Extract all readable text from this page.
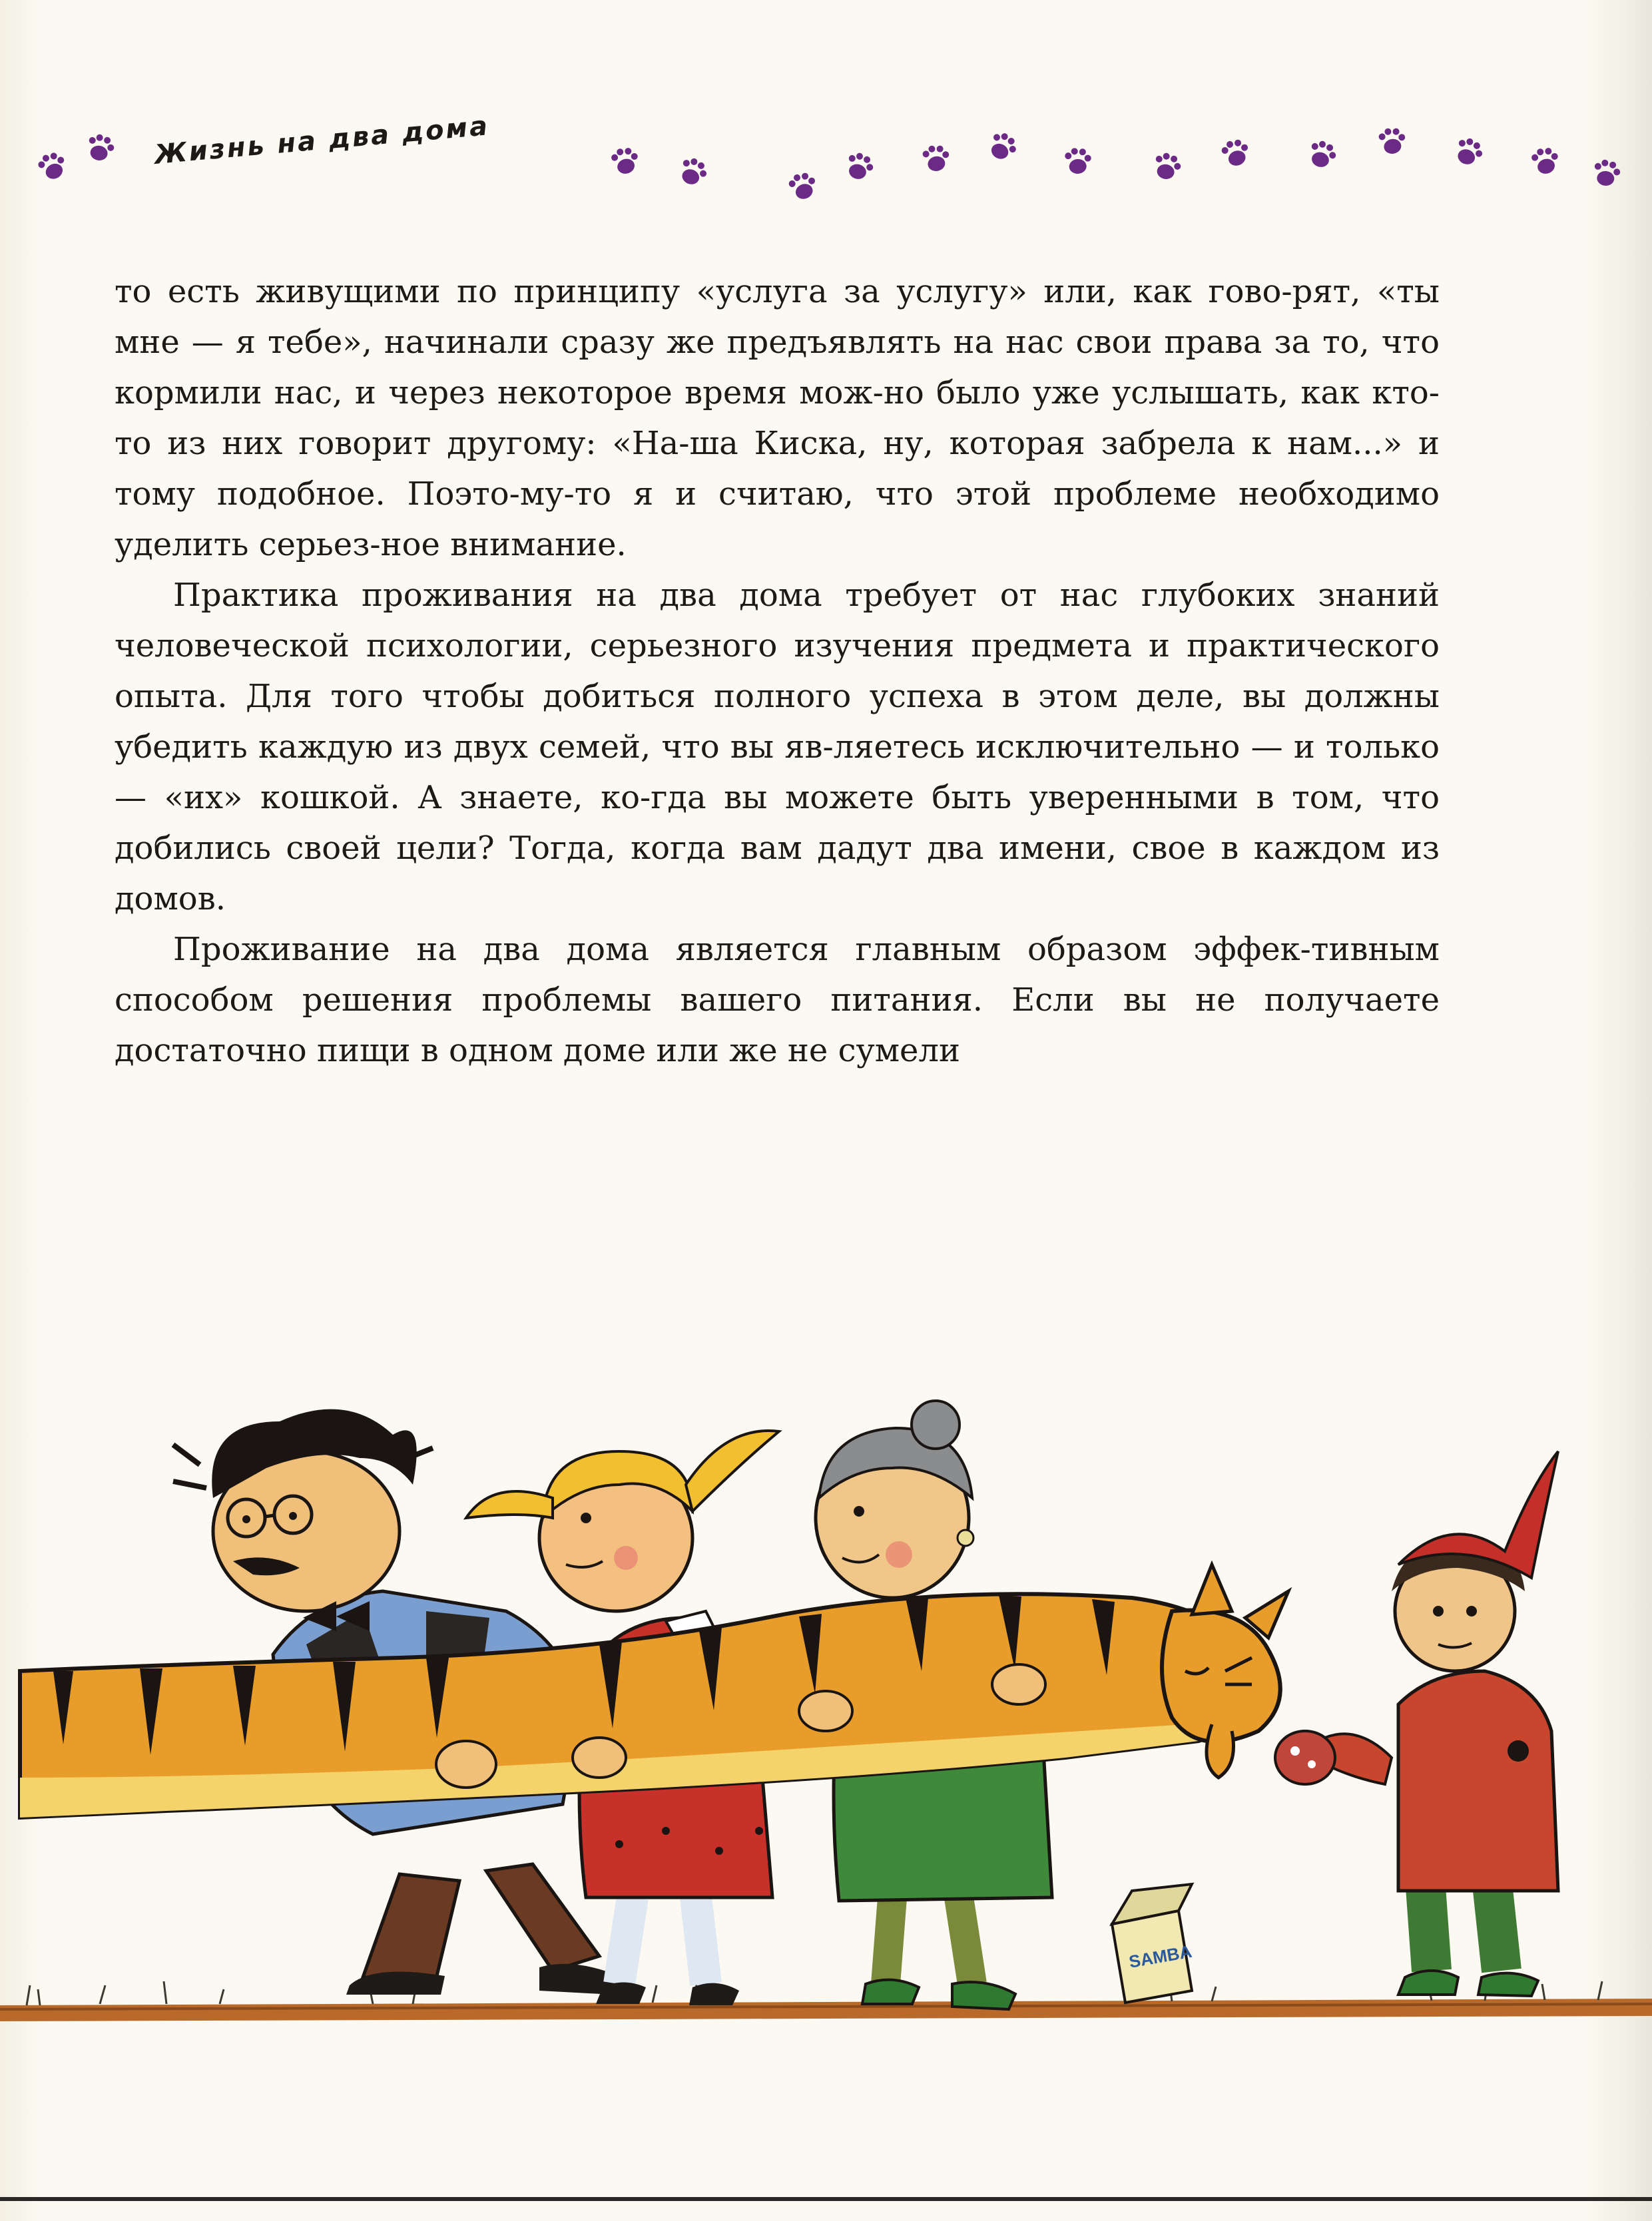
Жизнь на два дома

то есть живущими по принципу «услуга за услугу» или, как гово-рят, «ты мне — я тебе», начинали сразу же предъявлять на нас свои права за то, что кормили нас, и через некоторое время мож-но было уже услышать, как кто-то из них говорит другому: «На-ша Киска, ну, которая забрела к нам...» и тому подобное. Поэто-му-то я и считаю, что этой проблеме необходимо уделить серьез-ное внимание.

Практика проживания на два дома требует от нас глубоких знаний человеческой психологии, серьезного изучения предмета и практического опыта. Для того чтобы добиться полного успеха в этом деле, вы должны убедить каждую из двух семей, что вы яв-ляетесь исключительно — и только — «их» кошкой. А знаете, ко-гда вы можете быть уверенными в том, что добились своей цели? Тогда, когда вам дадут два имени, свое в каждом из домов.

Проживание на два дома является главным образом эффек-тивным способом решения проблемы вашего питания. Если вы не получаете достаточно пищи в одном доме или же не сумели

SAMBA
